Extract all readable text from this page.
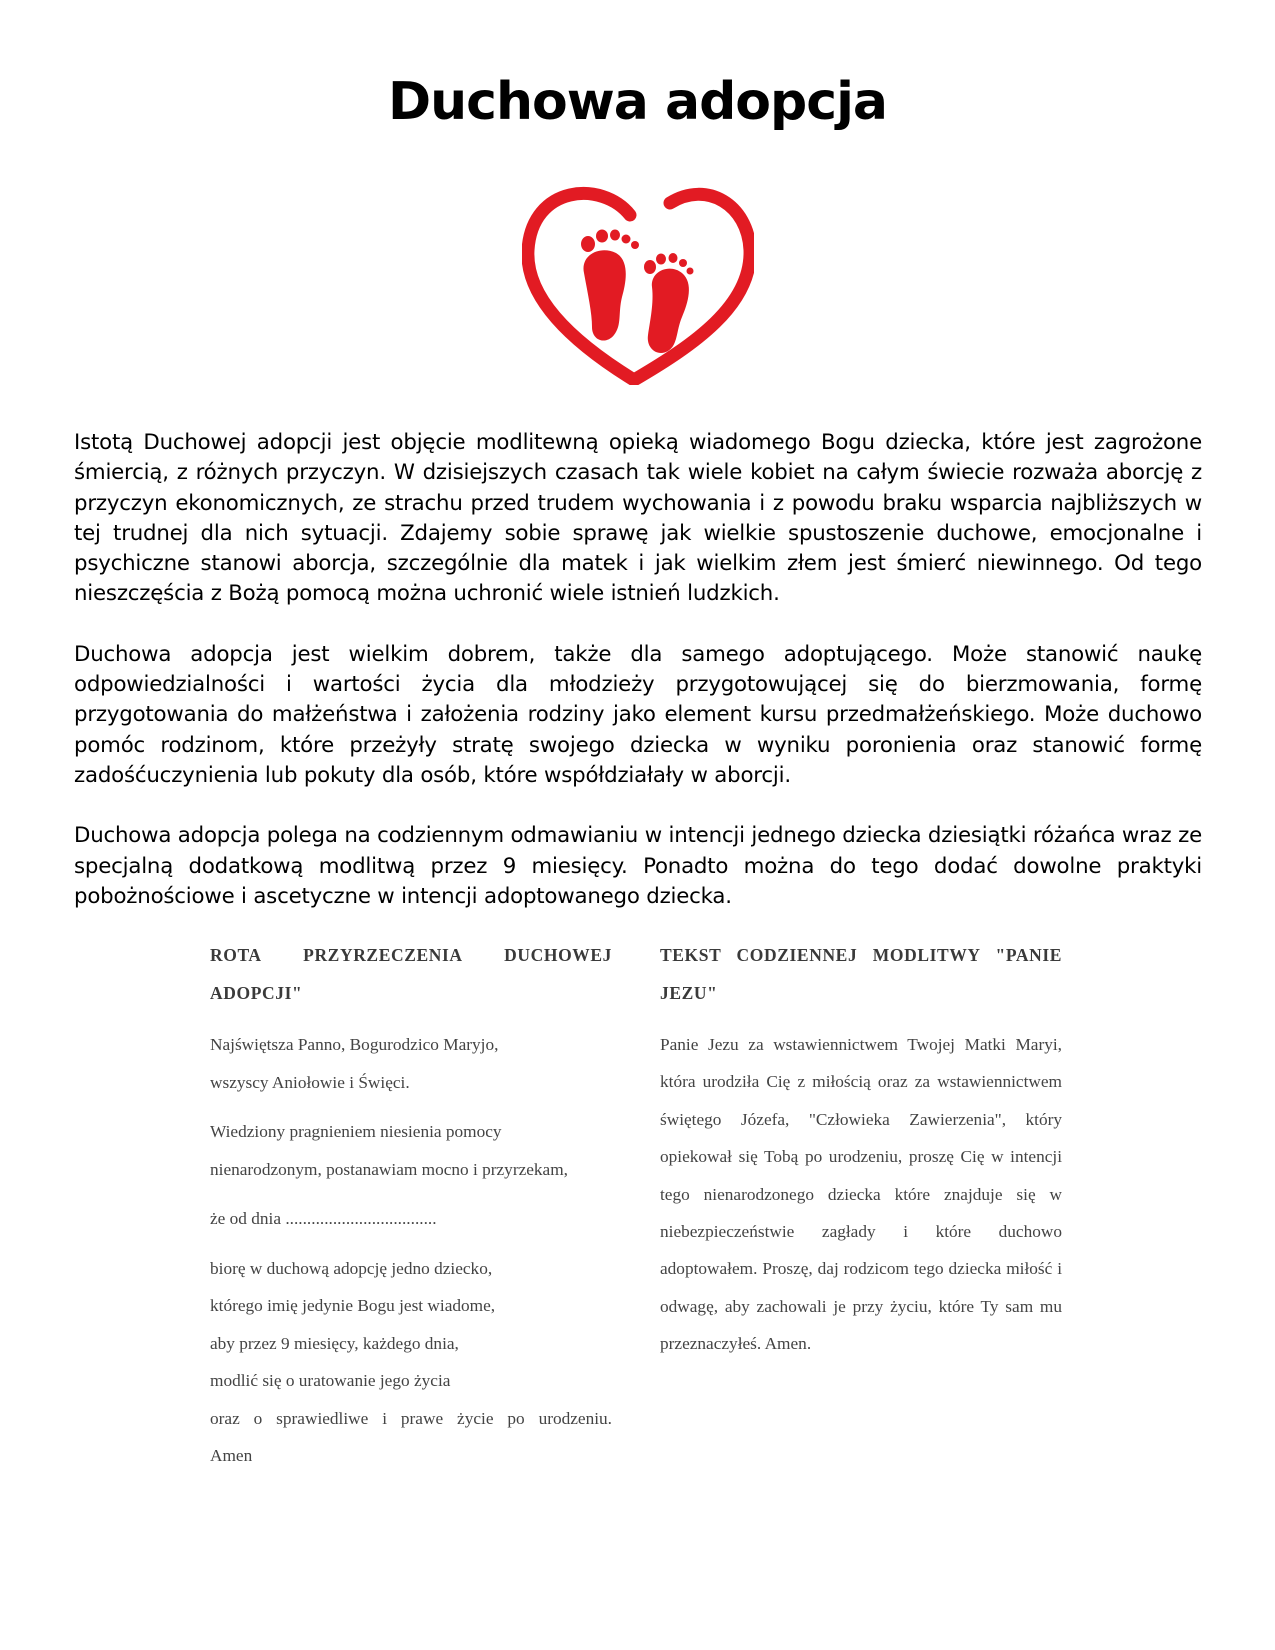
Duchowa adopcja

Istotą Duchowej adopcji jest objęcie modlitewną opieką wiadomego Bogu dziecka, które jest zagrożone śmiercią, z różnych przyczyn. W dzisiejszych czasach tak wiele kobiet na całym świecie rozważa aborcję z przyczyn ekonomicznych, ze strachu przed trudem wychowania i z powodu braku wsparcia najbliższych w tej trudnej dla nich sytuacji. Zdajemy sobie sprawę jak wielkie spustoszenie duchowe, emocjonalne i psychiczne stanowi aborcja, szczególnie dla matek i jak wielkim złem jest śmierć niewinnego. Od tego nieszczęścia z Bożą pomocą można uchronić wiele istnień ludzkich.

Duchowa adopcja jest wielkim dobrem, także dla samego adoptującego. Może stanowić naukę odpowiedzialności i wartości życia dla młodzieży przygotowującej się do bierzmowania, formę przygotowania do małżeństwa i założenia rodziny jako element kursu przedmałżeńskiego. Może duchowo pomóc rodzinom, które przeżyły stratę swojego dziecka w wyniku poronienia oraz stanowić formę zadośćuczynienia lub pokuty dla osób, które współdziałały w aborcji.

Duchowa adopcja polega na codziennym odmawianiu w intencji jednego dziecka dziesiątki różańca wraz ze specjalną dodatkową modlitwą przez 9 miesięcy. Ponadto można do tego dodać dowolne praktyki pobożnościowe i ascetyczne w intencji adoptowanego dziecka.

ROTA PRZYRZECZENIA DUCHOWEJ ADOPCJI"
Najświętsza Panno, Bogurodzico Maryjo,
wszyscy Aniołowie i Święci.
Wiedziony pragnieniem niesienia pomocy
nienarodzonym, postanawiam mocno i przyrzekam,
że od dnia ...................................
biorę w duchową adopcję jedno dziecko,
którego imię jedynie Bogu jest wiadome,
aby przez 9 miesięcy, każdego dnia,
modlić się o uratowanie jego życia
oraz o sprawiedliwe i prawe życie po urodzeniu.
Amen
TEKST CODZIENNEJ MODLITWY "PANIE JEZU"
Panie Jezu za wstawiennictwem Twojej Matki Maryi, która urodziła Cię z miłością oraz za wstawiennictwem świętego Józefa, "Człowieka Zawierzenia", który opiekował się Tobą po urodzeniu, proszę Cię w intencji tego nienarodzonego dziecka które znajduje się w niebezpieczeństwie zagłady i które duchowo adoptowałem. Proszę, daj rodzicom tego dziecka miłość i odwagę, aby zachowali je przy życiu, które Ty sam mu przeznaczyłeś. Amen.
